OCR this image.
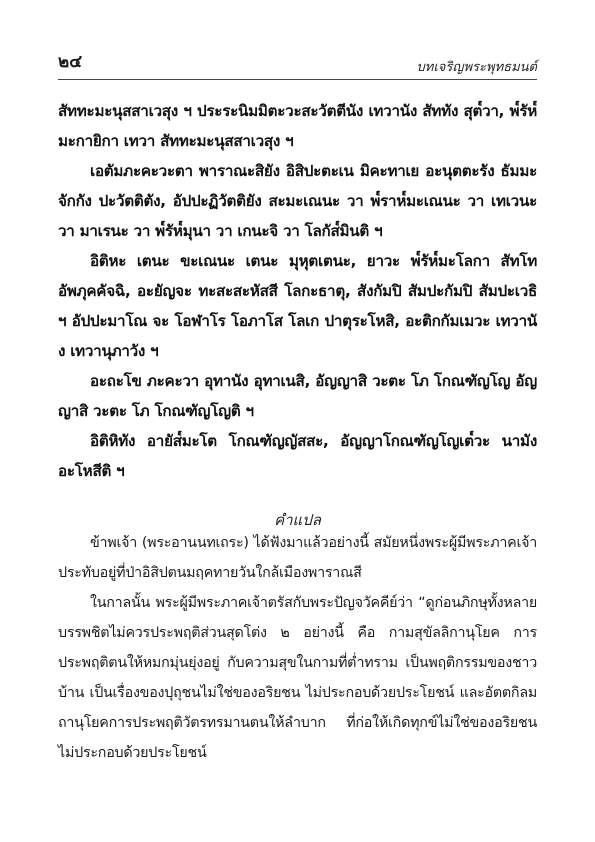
๒๔	บทเจริญพระพุทธมนต์

สัททะมะนุสสาเวสุง ฯ ประระนิมมิตะวะสะวัตตีนัง เทวานัง สัททัง สุต๎วา, พ๎รัห๎มะกายิกา เทวา สัททะมะนุสสาเวสุง ฯ

เอตัมภะคะวะตา พาราณะสิยัง อิสิปะตะเน มิคะทาเย อะนุตตะรัง ธัมมะจักกัง ปะวัตติตัง, อัปปะฏิวัตติยัง สะมะเณนะ วา พ๎ราห๎มะเณนะ วา เทเวนะ วา มาเรนะ วา พ๎รัห๎มุนา วา เกนะจิ วา โลกัส๎มินติ ฯ

อิติหะ เตนะ ขะเณนะ เตนะ มุหุตเตนะ, ยาวะ พ๎รัห๎มะโลกา สัทโท อัพภุคคัจฉิ, อะยัญจะ ทะสะสะหัสสี โลกะธาตุ, สังกัมปิ สัมปะกัมปิ สัมปะเวธิ ฯ อัปปะมาโณ จะ โอฬาโร โอภาโส โลเก ปาตุระโหสิ, อะติกกัมเมวะ เทวานัง เทวานุภาวัง ฯ

อะถะโข ภะคะวา อุทานัง อุทาเนสิ, อัญญาสิ วะตะ โภ โกณฑัญโญ อัญญาสิ วะตะ โภ โกณฑัญโญติ ฯ

อิติหิทัง อายัส๎มะโต โกณฑัญญัสสะ, อัญญาโกณฑัญโญเต๎วะ นามัง อะโหสีติ ฯ

คำแปล

ข้าพเจ้า (พระอานนทเถระ) ได้ฟังมาแล้วอย่างนี้ สมัยหนึ่งพระผู้มีพระภาคเจ้าประทับอยู่ที่ป่าอิสิปตนมฤคทายวันใกล้เมืองพาราณสี

ในกาลนั้น พระผู้มีพระภาคเจ้าตรัสกับพระปัญจวัคคีย์ว่า “ดูก่อนภิกษุทั้งหลาย บรรพชิตไม่ควรประพฤติส่วนสุดโต่ง ๒ อย่างนี้ คือ กามสุขัลลิกานุโยค การประพฤติตนให้หมกมุ่นยุ่งอยู่ กับความสุขในกามที่ต่ำทราม เป็นพฤติกรรมของชาวบ้าน เป็นเรื่องของปุถุชนไม่ใช่ของอริยชน ไม่ประกอบด้วยประโยชน์ และอัตตกิลมถานุโยคการประพฤติวัตรทรมานตนให้ลำบาก ที่ก่อให้เกิดทุกข์ไม่ใช่ของอริยชน ไม่ประกอบด้วยประโยชน์
